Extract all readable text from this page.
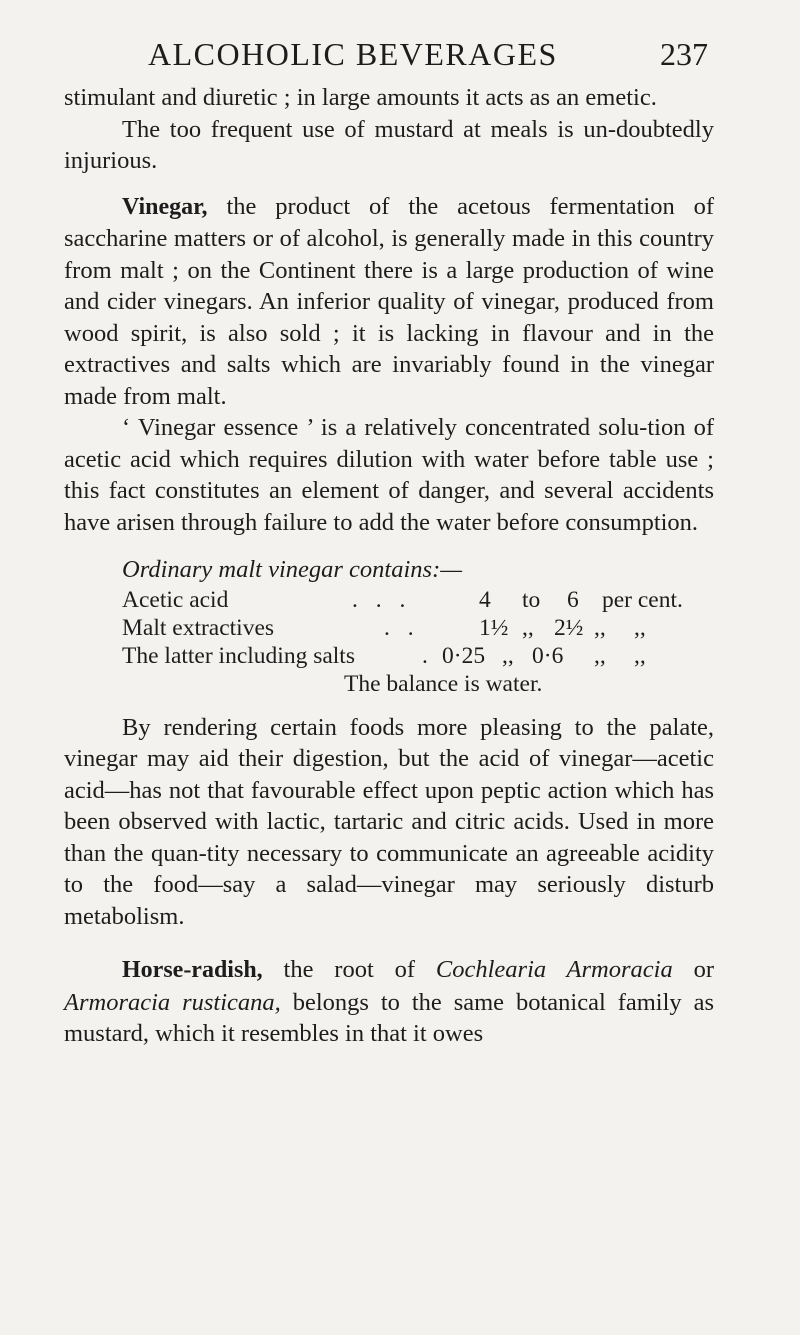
ALCOHOLIC BEVERAGES	237

stimulant and diuretic ; in large amounts it acts as an emetic.

The too frequent use of mustard at meals is un-doubtedly injurious.

Vinegar, the product of the acetous fermentation of saccharine matters or of alcohol, is generally made in this country from malt ; on the Continent there is a large production of wine and cider vinegars. An inferior quality of vinegar, produced from wood spirit, is also sold ; it is lacking in flavour and in the extractives and salts which are invariably found in the vinegar made from malt.

‘ Vinegar essence ’ is a relatively concentrated solu-tion of acetic acid which requires dilution with water before table use ; this fact constitutes an element of danger, and several accidents have arisen through failure to add the water before consumption.

Ordinary malt vinegar contains:—

Acetic acid	. . .	4 to 6 per cent.
Malt extractives	. .	1½ ,, 2½ ,, ,,
The latter including salts	. 0·25 ,, 0·6 ,, ,,
The balance is water.

By rendering certain foods more pleasing to the palate, vinegar may aid their digestion, but the acid of vinegar—acetic acid—has not that favourable effect upon peptic action which has been observed with lactic, tartaric and citric acids. Used in more than the quan-tity necessary to communicate an agreeable acidity to the food—say a salad—vinegar may seriously disturb metabolism.

Horse-radish, the root of Cochlearia Armoracia or Armoracia rusticana, belongs to the same botanical family as mustard, which it resembles in that it owes
